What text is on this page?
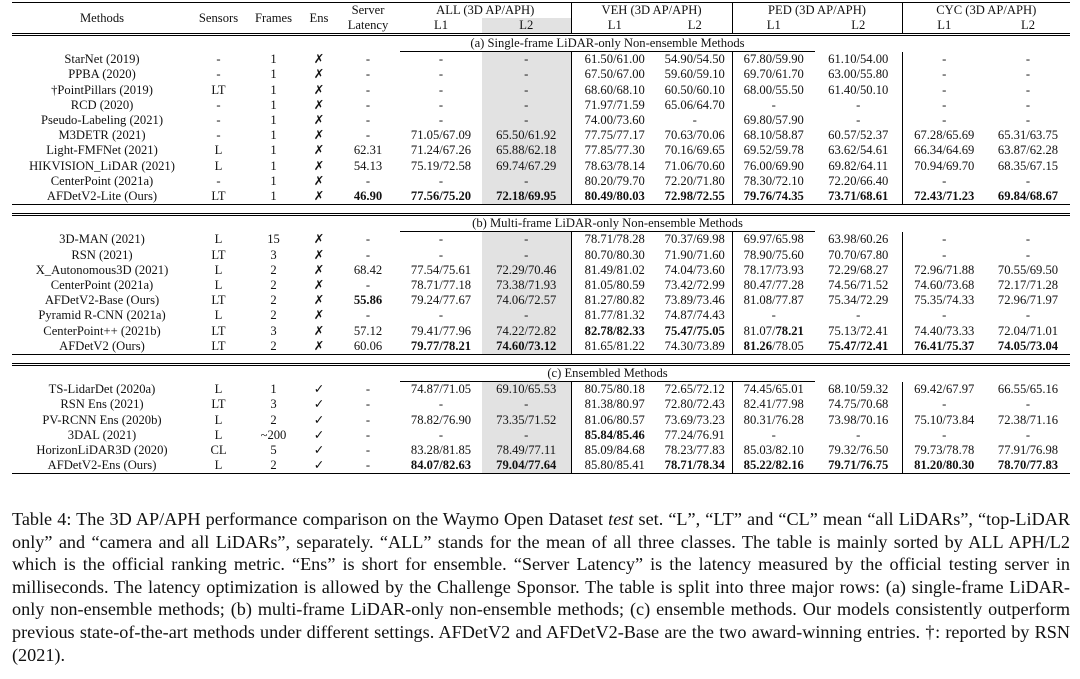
Methods	Sensors	Frames	Ens	Server	ALL (3D AP/APH)		VEH (3D AP/APH)		PED (3D AP/APH)		CYC (3D AP/APH)	
				Latency	L1	L2	L1	L2	L1	L2	L1	L2
					(a) Single-frame LiDAR-only Non-ensemble Methods							
StarNet (2019)	-	1	✗	-	-	-	61.50/61.00	54.90/54.50	67.80/59.90	61.10/54.00	-	-
PPBA (2020)	-	1	✗	-	-	-	67.50/67.00	59.60/59.10	69.70/61.70	63.00/55.80	-	-
†PointPillars (2019)	LT	1	✗	-	-	-	68.60/68.10	60.50/60.10	68.00/55.50	61.40/50.10	-	-
RCD (2020)	-	1	✗	-	-	-	71.97/71.59	65.06/64.70	-	-	-	-
Pseudo-Labeling (2021)	-	1	✗	-	-	-	74.00/73.60	-	69.80/57.90	-	-	-
M3DETR (2021)	-	1	✗	-	71.05/67.09	65.50/61.92	77.75/77.17	70.63/70.06	68.10/58.87	60.57/52.37	67.28/65.69	65.31/63.75
Light-FMFNet (2021)	L	1	✗	62.31	71.24/67.26	65.88/62.18	77.85/77.30	70.16/69.65	69.52/59.78	63.62/54.61	66.34/64.69	63.87/62.28
HIKVISION_LiDAR (2021)	L	1	✗	54.13	75.19/72.58	69.74/67.29	78.63/78.14	71.06/70.60	76.00/69.90	69.82/64.11	70.94/69.70	68.35/67.15
CenterPoint (2021a)	-	1	✗	-	-	-	80.20/79.70	72.20/71.80	78.30/72.10	72.20/66.40	-	-
AFDetV2-Lite (Ours)	LT	1	✗	46.90	77.56/75.20	72.18/69.95	80.49/80.03	72.98/72.55	79.76/74.35	73.71/68.61	72.43/71.23	69.84/68.67

					(b) Multi-frame LiDAR-only Non-ensemble Methods							
3D-MAN (2021)	L	15	✗	-	-	-	78.71/78.28	70.37/69.98	69.97/65.98	63.98/60.26	-	-
RSN (2021)	LT	3	✗	-	-	-	80.70/80.30	71.90/71.60	78.90/75.60	70.70/67.80	-	-
X_Autonomous3D (2021)	L	2	✗	68.42	77.54/75.61	72.29/70.46	81.49/81.02	74.04/73.60	78.17/73.93	72.29/68.27	72.96/71.88	70.55/69.50
CenterPoint (2021a)	L	2	✗	-	78.71/77.18	73.38/71.93	81.05/80.59	73.42/72.99	80.47/77.28	74.56/71.52	74.60/73.68	72.17/71.28
AFDetV2-Base (Ours)	LT	2	✗	55.86	79.24/77.67	74.06/72.57	81.27/80.82	73.89/73.46	81.08/77.87	75.34/72.29	75.35/74.33	72.96/71.97
Pyramid R-CNN (2021a)	L	2	✗	-	-	-	81.77/81.32	74.87/74.43	-	-	-	-
CenterPoint++ (2021b)	LT	3	✗	57.12	79.41/77.96	74.22/72.82	82.78/82.33	75.47/75.05	81.07/78.21	75.13/72.41	74.40/73.33	72.04/71.01
AFDetV2 (Ours)	LT	2	✗	60.06	79.77/78.21	74.60/73.12	81.65/81.22	74.30/73.89	81.26/78.05	75.47/72.41	76.41/75.37	74.05/73.04

					(c) Ensembled Methods							
TS-LidarDet (2020a)	L	1	✓	-	74.87/71.05	69.10/65.53	80.75/80.18	72.65/72.12	74.45/65.01	68.10/59.32	69.42/67.97	66.55/65.16
RSN Ens (2021)	LT	3	✓	-	-	-	81.38/80.97	72.80/72.43	82.41/77.98	74.75/70.68	-	-
PV-RCNN Ens (2020b)	L	2	✓	-	78.82/76.90	73.35/71.52	81.06/80.57	73.69/73.23	80.31/76.28	73.98/70.16	75.10/73.84	72.38/71.16
3DAL (2021)	L	~200	✓	-	-	-	85.84/85.46	77.24/76.91	-	-	-	-
HorizonLiDAR3D (2020)	CL	5	✓	-	83.28/81.85	78.49/77.11	85.09/84.68	78.23/77.83	85.03/82.10	79.32/76.50	79.73/78.78	77.91/76.98
AFDetV2-Ens (Ours)	L	2	✓	-	84.07/82.63	79.04/77.64	85.80/85.41	78.71/78.34	85.22/82.16	79.71/76.75	81.20/80.30	78.70/77.83
Table 4: The 3D AP/APH performance comparison on the Waymo Open Dataset test set. “L”, “LT” and “CL” mean “all LiDARs”, “top-LiDAR only” and “camera and all LiDARs”, separately. “ALL” stands for the mean of all three classes. The table is mainly sorted by ALL APH/L2 which is the official ranking metric. “Ens” is short for ensemble. “Server Latency” is the latency measured by the official testing server in milliseconds. The latency optimization is allowed by the Challenge Sponsor. The table is split into three major rows: (a) single-frame LiDAR-only non-ensemble methods; (b) multi-frame LiDAR-only non-ensemble methods; (c) ensemble methods. Our models consistently outperform previous state-of-the-art methods under different settings. AFDetV2 and AFDetV2-Base are the two award-winning entries. †: reported by RSN (2021).
